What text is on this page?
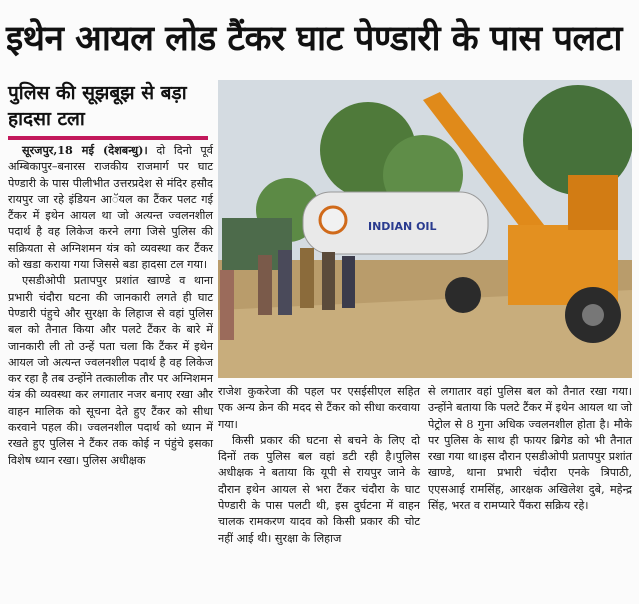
इथेन आयल लोड टैंकर घाट पेण्डारी के पास पलटा
पुलिस की सूझबूझ से बड़ा हादसा टला

सूरजपुर,18 मई (देशबन्धु)। दो दिनो पूर्व अम्बिकापुर–बनारस राजकीय राजमार्ग पर घाट पेण्डारी के पास पीलीभीत उत्तरप्रदेश से मंदिर हसौद रायपुर जा रहे इंडियन आॅयल का टैंकर पलट गई टैंकर में इथेन आयल था जो अत्यन्त ज्वलनशील पदार्थ है वह लिकेज करने लगा जिसे पुलिस की सक्रियता से अग्निशमन यंत्र को व्यवस्था कर टैंकर को खडा कराया गया जिससे बडा हादसा टल गया।

एसडीओपी प्रतापपुर प्रशांत खाण्डे व थाना प्रभारी चंदौरा घटना की जानकारी लगते ही घाट पेण्डारी पंहुचे और सुरक्षा के लिहाज से वहां पुलिस बल को तैनात किया और पलटे टैंकर के बारे में जानकारी ली तो उन्हें पता चला कि टैंकर में इथेन आयल जो अत्यन्त ज्वलनशील पदार्थ है वह लिकेज कर रहा है तब उन्होंने तत्कालीक तौर पर अग्निशमन यंत्र की व्यवस्था कर लगातार नजर बनाए रखा और वाहन मालिक को सूचना देते हुए टैंकर को सीधा करवाने पहल की। ज्वलनशील पदार्थ को ध्यान में रखते हुए पुलिस ने टैंकर तक कोई न पंहुंचे इसका विशेष ध्यान रखा। पुलिस अधीक्षक

INDIAN OIL

राजेश कुकरेजा की पहल पर एसईसीएल सहित एक अन्य क्रेन की मदद से टैंकर को सीधा करवाया गया।

किसी प्रकार की घटना से बचने के लिए दो दिनों तक पुलिस बल वहां डटी रही है।पुलिस अधीक्षक ने बताया कि यूपी से रायपुर जाने के दौरान इथेन आयल से भरा टैंकर चंदौरा के घाट पेण्डारी के पास पलटी थी, इस दुर्घटना में वाहन चालक रामकरण यादव को किसी प्रकार की चोट नहीं आई थी। सुरक्षा के लिहाज

से लगातार वहां पुलिस बल को तैनात रखा गया। उन्होंने बताया कि पलटे टैंकर में इथेन आयल था जो पेट्रोल से 8 गुना अधिक ज्वलनशील होता है। मौके पर पुलिस के साथ ही फायर ब्रिगेड को भी तैनात रखा गया था।इस दौरान एसडीओपी प्रतापपुर प्रशांत खाण्डे, थाना प्रभारी चंदौरा एनके त्रिपाठी, एएसआई रामसिंह, आरक्षक अखिलेश दुबे, महेन्द्र सिंह, भरत व रामप्यारे पैंकरा सक्रिय रहे।
